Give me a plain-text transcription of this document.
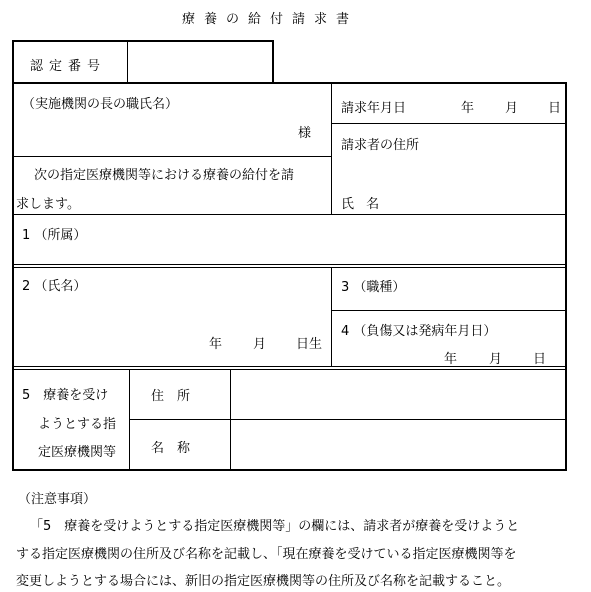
療養の給付請求書
認定番号
（実施機関の長の職氏名）
様
次の指定医療機関等における療養の給付を請
求します。
請求年月日	年 月 日
請求者の住所
氏 名
1 （所属）
2 （氏名）
年 月 日生
3 （職種）
4 （負傷又は発病年月日）
年 月 日
5　療養を受け
ようとする指
定医療機関等
住　所
名　称
（注意事項）
「5　療養を受けようとする指定医療機関等」の欄には、請求者が療養を受けようと
する指定医療機関の住所及び名称を記載し、「現在療養を受けている指定医療機関等を
変更しようとする場合には、新旧の指定医療機関等の住所及び名称を記載すること。
